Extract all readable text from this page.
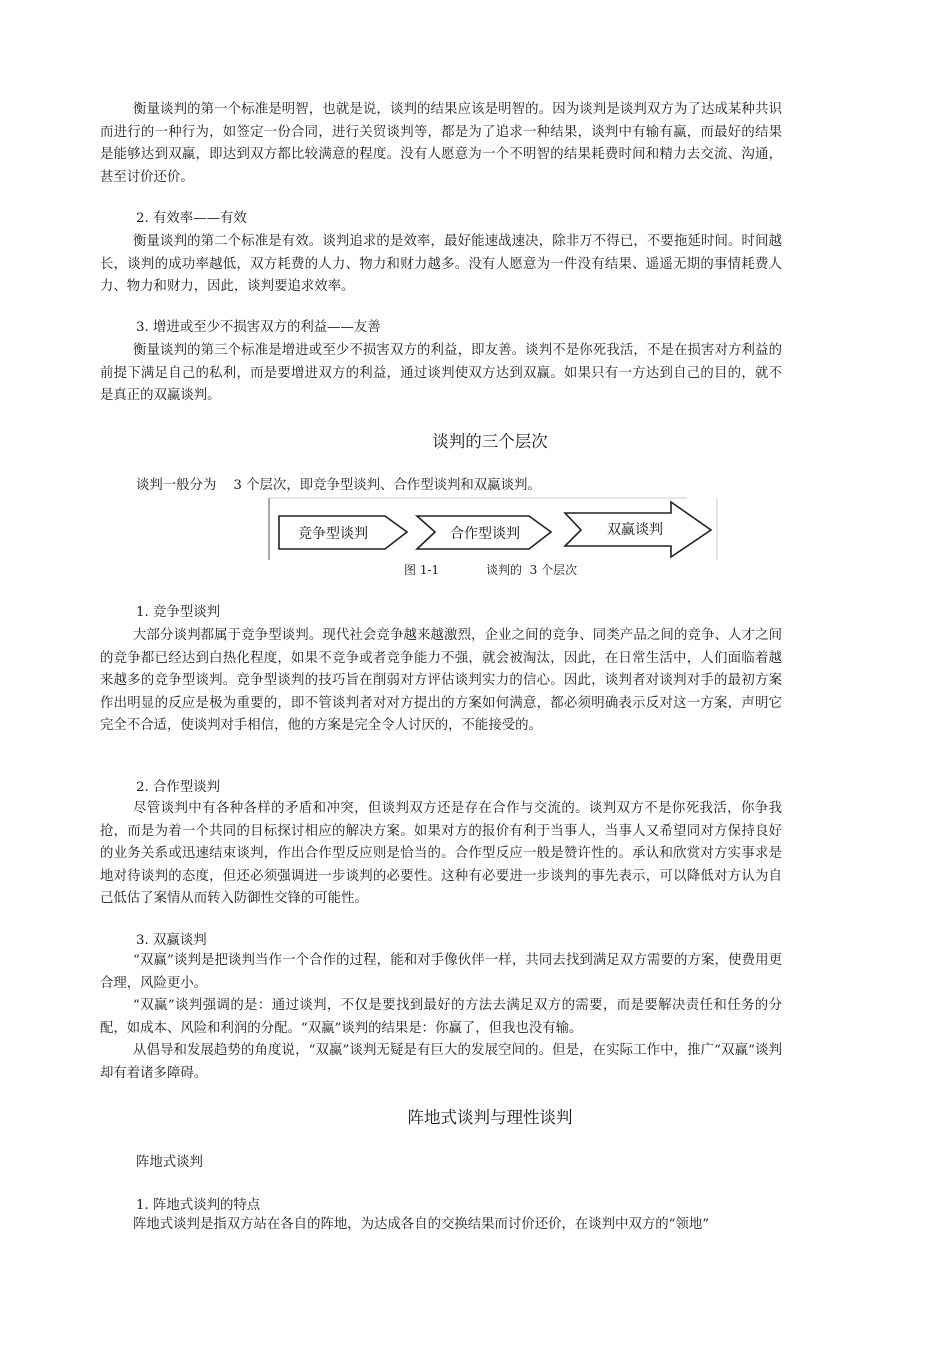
衡量谈判的第一个标准是明智，也就是说，谈判的结果应该是明智的。因为谈判是谈判双方为了达成某种共识而进行的一种行为，如签定一份合同，进行关贸谈判等，都是为了追求一种结果，谈判中有输有赢，而最好的结果是能够达到双赢，即达到双方都比较满意的程度。没有人愿意为一个不明智的结果耗费时间和精力去交流、沟通，甚至讨价还价。

2. 有效率——有效

衡量谈判的第二个标准是有效。谈判追求的是效率，最好能速战速决，除非万不得已，不要拖延时间。时间越长，谈判的成功率越低，双方耗费的人力、物力和财力越多。没有人愿意为一件没有结果、遥遥无期的事情耗费人力、物力和财力，因此，谈判要追求效率。

3. 增进或至少不损害双方的利益——友善

衡量谈判的第三个标准是增进或至少不损害双方的利益，即友善。谈判不是你死我活，不是在损害对方利益的前提下满足自己的私利，而是要增进双方的利益，通过谈判使双方达到双赢。如果只有一方达到自己的目的，就不是真正的双赢谈判。

谈判的三个层次

谈判一般分为    3 个层次，即竞争型谈判、合作型谈判和双赢谈判。

竞争型谈判	合作型谈判	双赢谈判

图 1-1	谈判的  3 个层次

1. 竞争型谈判

大部分谈判都属于竞争型谈判。现代社会竞争越来越激烈，企业之间的竞争、同类产品之间的竞争、人才之间的竞争都已经达到白热化程度，如果不竞争或者竞争能力不强，就会被淘汰，因此，在日常生活中，人们面临着越来越多的竞争型谈判。竞争型谈判的技巧旨在削弱对方评估谈判实力的信心。因此，谈判者对谈判对手的最初方案作出明显的反应是极为重要的，即不管谈判者对对方提出的方案如何满意，都必须明确表示反对这一方案，声明它完全不合适，使谈判对手相信，他的方案是完全令人讨厌的，不能接受的。

2. 合作型谈判

尽管谈判中有各种各样的矛盾和冲突，但谈判双方还是存在合作与交流的。谈判双方不是你死我活，你争我抢，而是为着一个共同的目标探讨相应的解决方案。如果对方的报价有利于当事人，当事人又希望同对方保持良好的业务关系或迅速结束谈判，作出合作型反应则是恰当的。合作型反应一般是赞许性的。承认和欣赏对方实事求是地对待谈判的态度，但还必须强调进一步谈判的必要性。这种有必要进一步谈判的事先表示，可以降低对方认为自己低估了案情从而转入防御性交锋的可能性。

3. 双赢谈判

“双赢”谈判是把谈判当作一个合作的过程，能和对手像伙伴一样，共同去找到满足双方需要的方案，使费用更合理，风险更小。

“双赢”谈判强调的是：通过谈判，不仅是要找到最好的方法去满足双方的需要，而是要解决责任和任务的分配，如成本、风险和利润的分配。“双赢”谈判的结果是：你赢了，但我也没有输。

从倡导和发展趋势的角度说，“双赢”谈判无疑是有巨大的发展空间的。但是，在实际工作中，推广“双赢”谈判却有着诸多障碍。

阵地式谈判与理性谈判

阵地式谈判

1. 阵地式谈判的特点

阵地式谈判是指双方站在各自的阵地，为达成各自的交换结果而讨价还价，在谈判中双方的“领地”
